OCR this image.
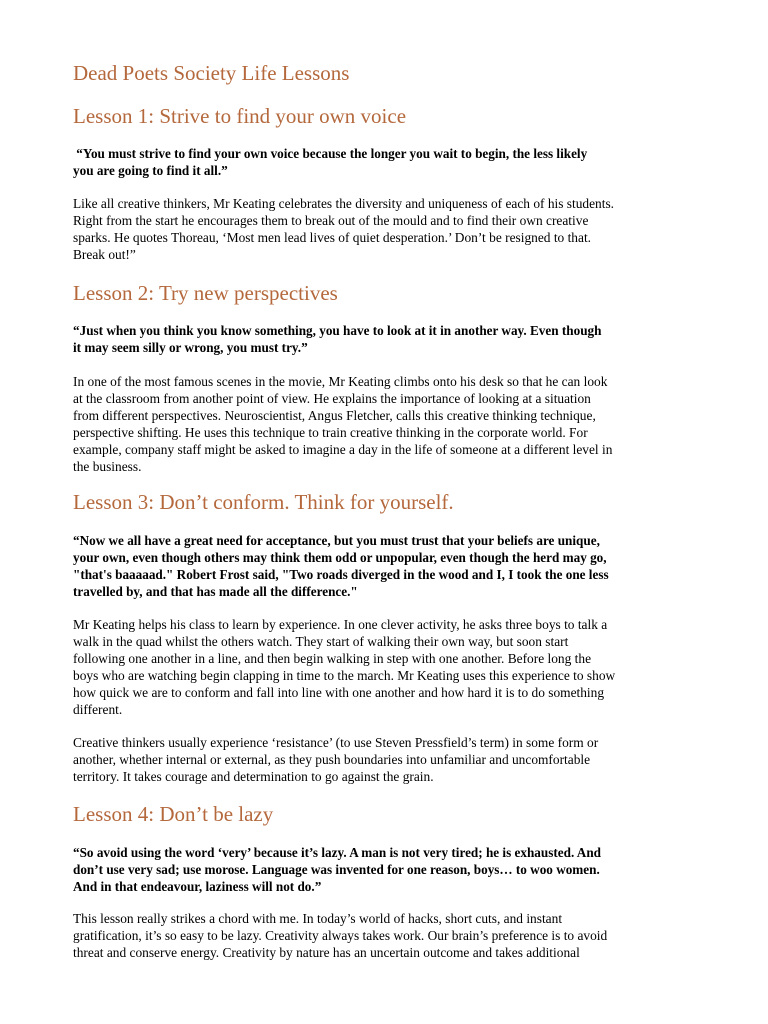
Dead Poets Society Life Lessons
Lesson 1: Strive to find your own voice
“You must strive to find your own voice because the longer you wait to begin, the less likely
you are going to find it all.”
Like all creative thinkers, Mr Keating celebrates the diversity and uniqueness of each of his students.
Right from the start he encourages them to break out of the mould and to find their own creative
sparks. He quotes Thoreau, ‘Most men lead lives of quiet desperation.’ Don’t be resigned to that.
Break out!”
Lesson 2: Try new perspectives
“Just when you think you know something, you have to look at it in another way. Even though
it may seem silly or wrong, you must try.”
In one of the most famous scenes in the movie, Mr Keating climbs onto his desk so that he can look
at the classroom from another point of view. He explains the importance of looking at a situation
from different perspectives. Neuroscientist, Angus Fletcher, calls this creative thinking technique,
perspective shifting. He uses this technique to train creative thinking in the corporate world. For
example, company staff might be asked to imagine a day in the life of someone at a different level in
the business.
Lesson 3: Don’t conform. Think for yourself.
“Now we all have a great need for acceptance, but you must trust that your beliefs are unique,
your own, even though others may think them odd or unpopular, even though the herd may go,
"that's baaaaad." Robert Frost said, "Two roads diverged in the wood and I, I took the one less
travelled by, and that has made all the difference."
Mr Keating helps his class to learn by experience. In one clever activity, he asks three boys to talk a
walk in the quad whilst the others watch. They start of walking their own way, but soon start
following one another in a line, and then begin walking in step with one another. Before long the
boys who are watching begin clapping in time to the march. Mr Keating uses this experience to show
how quick we are to conform and fall into line with one another and how hard it is to do something
different.
Creative thinkers usually experience ‘resistance’ (to use Steven Pressfield’s term) in some form or
another, whether internal or external, as they push boundaries into unfamiliar and uncomfortable
territory. It takes courage and determination to go against the grain.
Lesson 4: Don’t be lazy
“So avoid using the word ‘very’ because it’s lazy. A man is not very tired; he is exhausted. And
don’t use very sad; use morose. Language was invented for one reason, boys… to woo women.
And in that endeavour, laziness will not do.”
This lesson really strikes a chord with me. In today’s world of hacks, short cuts, and instant
gratification, it’s so easy to be lazy. Creativity always takes work. Our brain’s preference is to avoid
threat and conserve energy. Creativity by nature has an uncertain outcome and takes additional
